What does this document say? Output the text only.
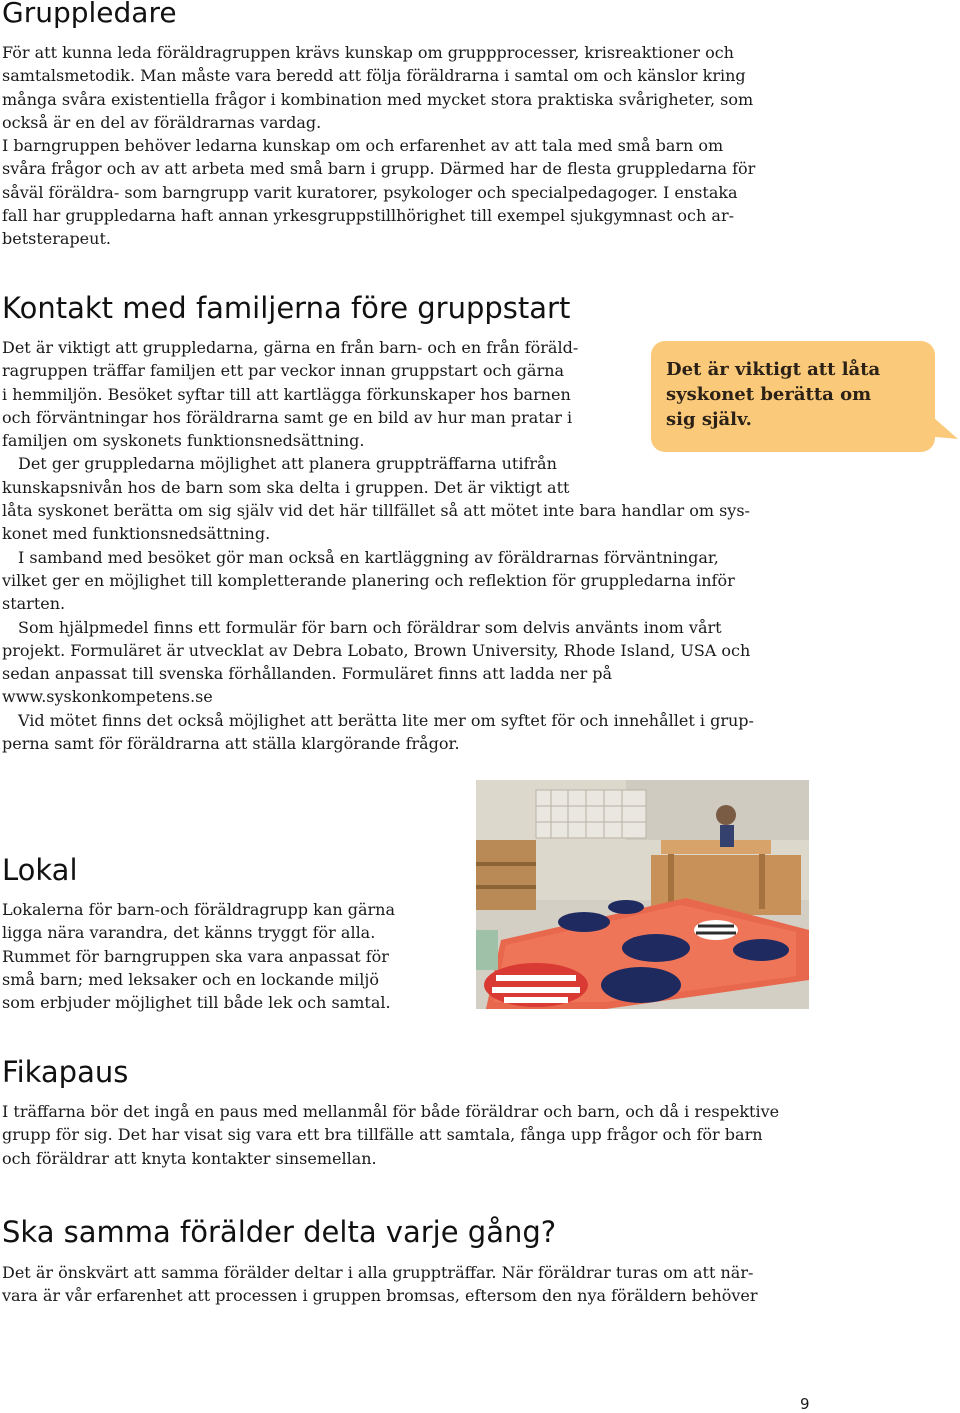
Gruppledare
För att kunna leda föräldragruppen krävs kunskap om gruppprocesser, krisreaktioner och
samtalsmetodik. Man måste vara beredd att följa föräldrarna i samtal om och känslor kring
många svåra existentiella frågor i kombination med mycket stora praktiska svårigheter, som
också är en del av föräldrarnas vardag.
I barngruppen behöver ledarna kunskap om och erfarenhet av att tala med små barn om
svåra frågor och av att arbeta med små barn i grupp. Därmed har de flesta gruppledarna för
såväl föräldra- som barngrupp varit kuratorer, psykologer och specialpedagoger. I enstaka
fall har gruppledarna haft annan yrkesgruppstillhörighet till exempel sjukgymnast och ar-
betsterapeut.
Kontakt med familjerna före gruppstart
Det är viktigt att gruppledarna, gärna en från barn- och en från föräld-
ragruppen träffar familjen ett par veckor innan gruppstart och gärna
i hemmiljön. Besöket syftar till att kartlägga förkunskaper hos barnen
och förväntningar hos föräldrarna samt ge en bild av hur man pratar i
familjen om syskonets funktionsnedsättning.
Det ger gruppledarna möjlighet att planera gruppträffarna utifrån
kunskapsnivån hos de barn som ska delta i gruppen. Det är viktigt att
låta syskonet berätta om sig själv vid det här tillfället så att mötet inte bara handlar om sys-
konet med funktionsnedsättning.
I samband med besöket gör man också en kartläggning av föräldrarnas förväntningar,
vilket ger en möjlighet till kompletterande planering och reflektion för gruppledarna inför
starten.
Som hjälpmedel finns ett formulär för barn och föräldrar som delvis använts inom vårt
projekt. Formuläret är utvecklat av Debra Lobato, Brown University, Rhode Island, USA och
sedan anpassat till svenska förhållanden. Formuläret finns att ladda ner på
www.syskonkompetens.se
Vid mötet finns det också möjlighet att berätta lite mer om syftet för och innehållet i grup-
perna samt för föräldrarna att ställa klargörande frågor.

Det är viktigt att låta
syskonet berätta om
sig själv.

Lokal
Lokalerna för barn-och föräldragrupp kan gärna
ligga nära varandra, det känns tryggt för alla.
Rummet för barngruppen ska vara anpassat för
små barn; med leksaker och en lockande miljö
som erbjuder möjlighet till både lek och samtal.
Fikapaus
I träffarna bör det ingå en paus med mellanmål för både föräldrar och barn, och då i respektive
grupp för sig. Det har visat sig vara ett bra tillfälle att samtala, fånga upp frågor och för barn
och föräldrar att knyta kontakter sinsemellan.
Ska samma förälder delta varje gång?
Det är önskvärt att samma förälder deltar i alla gruppträffar. När föräldrar turas om att när-
vara är vår erfarenhet att processen i gruppen bromsas, eftersom den nya föräldern behöver
9
